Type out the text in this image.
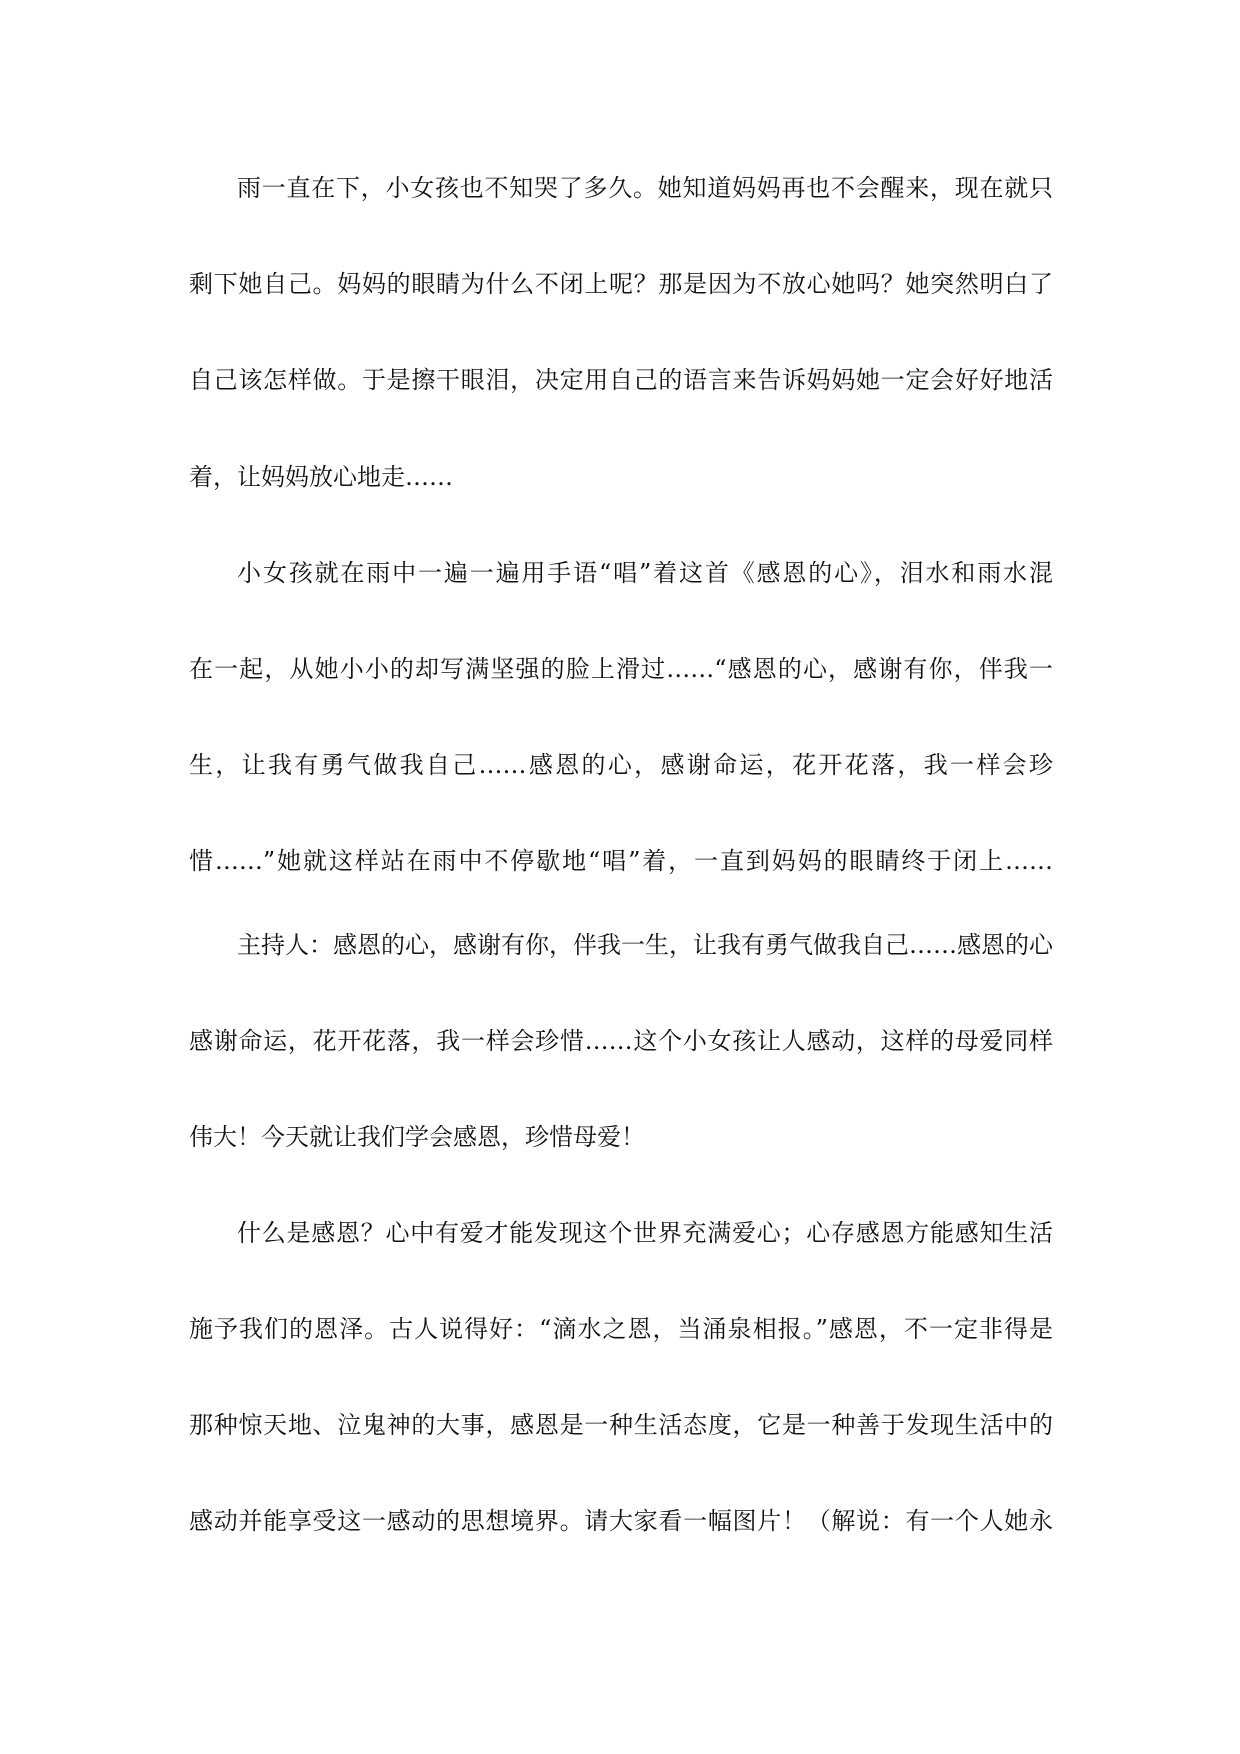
雨一直在下，小女孩也不知哭了多久。她知道妈妈再也不会醒来，现在就只
剩下她自己。妈妈的眼睛为什么不闭上呢？那是因为不放心她吗？她突然明白了
自己该怎样做。于是擦干眼泪，决定用自己的语言来告诉妈妈她一定会好好地活
着，让妈妈放心地走……
小女孩就在雨中一遍一遍用手语“唱”着这首《感恩的心》，泪水和雨水混
在一起，从她小小的却写满坚强的脸上滑过……“感恩的心，感谢有你，伴我一
生，让我有勇气做我自己……感恩的心，感谢命运，花开花落，我一样会珍
惜……”她就这样站在雨中不停歇地“唱”着，一直到妈妈的眼睛终于闭上……
主持人：感恩的心，感谢有你，伴我一生，让我有勇气做我自己……感恩的心
感谢命运，花开花落，我一样会珍惜……这个小女孩让人感动，这样的母爱同样
伟大！今天就让我们学会感恩，珍惜母爱！
什么是感恩？心中有爱才能发现这个世界充满爱心；心存感恩方能感知生活
施予我们的恩泽。古人说得好：“滴水之恩，当涌泉相报。”感恩，不一定非得是
那种惊天地、泣鬼神的大事，感恩是一种生活态度，它是一种善于发现生活中的
感动并能享受这一感动的思想境界。请大家看一幅图片！（解说：有一个人她永
